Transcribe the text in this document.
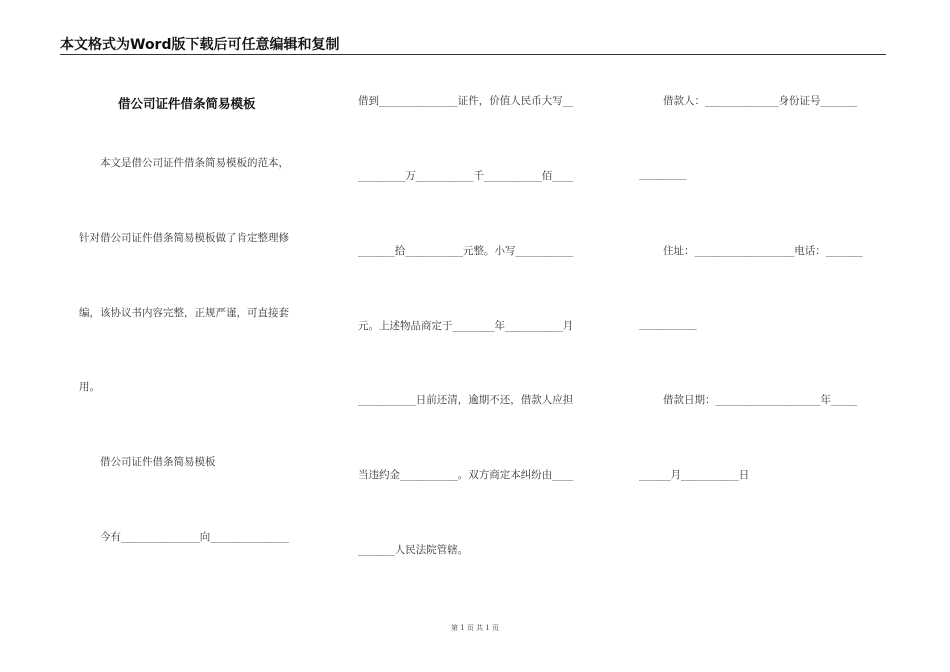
本文格式为Word版下载后可任意编辑和复制
借公司证件借条简易模板
本文是借公司证件借条简易模板的范本，
针对借公司证件借条简易模板做了肯定整理修
编，该协议书内容完整，正规严谨，可直接套
用。
借公司证件借条简易模板
今有_______________向_______________
借到_______________证件，价值人民币大写__
_________万___________千___________佰____
_______拾___________元整。小写___________
元。上述物品商定于________年___________月
___________日前还清，逾期不还，借款人应担
当违约金___________。双方商定本纠纷由____
_______人民法院管辖。
借款人：______________身份证号_______
_________
住址：___________________电话：_______
___________
借款日期：____________________年_____
______月___________日
第 1 页 共 1 页
